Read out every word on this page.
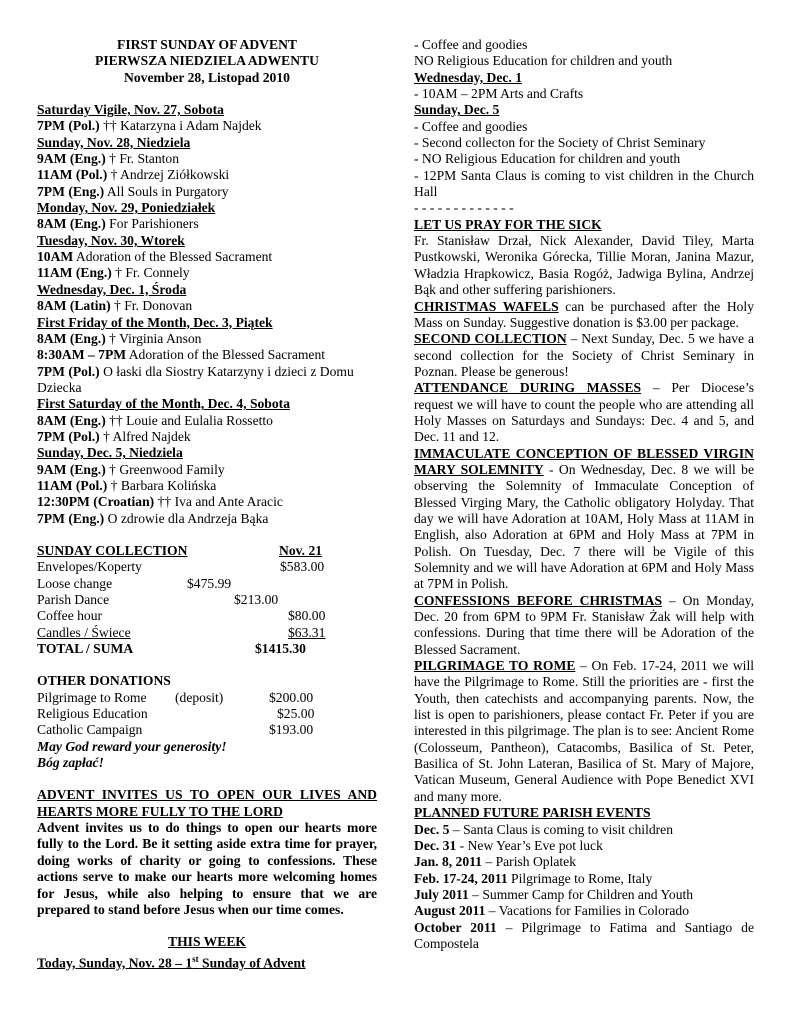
FIRST SUNDAY OF ADVENT
PIERWSZA NIEDZIELA ADWENTU
November 28, Listopad 2010
Saturday Vigile, Nov. 27, Sobota
7PM (Pol.) †† Katarzyna i Adam Najdek
Sunday, Nov. 28, Niedziela
9AM (Eng.) † Fr. Stanton
11AM (Pol.) † Andrzej Ziółkowski
7PM (Eng.) All Souls in Purgatory
Monday, Nov. 29, Poniedziałek
8AM (Eng.) For Parishioners
Tuesday, Nov. 30, Wtorek
10AM Adoration of the Blessed Sacrament
11AM (Eng.) † Fr. Connely
Wednesday, Dec. 1, Środa
8AM (Latin) † Fr. Donovan
First Friday of the Month, Dec. 3, Piątek
8AM (Eng.) † Virginia Anson
8:30AM – 7PM Adoration of the Blessed Sacrament
7PM (Pol.) O łaski dla Siostry Katarzyny i dzieci z Domu Dziecka
First Saturday of the Month, Dec. 4, Sobota
8AM (Eng.) †† Louie and Eulalia Rossetto
7PM (Pol.) † Alfred Najdek
Sunday, Dec. 5, Niedziela
9AM (Eng.) † Greenwood Family
11AM (Pol.) † Barbara Kolińska
12:30PM (Croatian) †† Iva and Ante Aracic
7PM (Eng.) O zdrowie dla Andrzeja Bąka
SUNDAY COLLECTION	Nov. 21
Envelopes/Koperty	$583.00
Loose change	$475.99
Parish Dance	$213.00
Coffee hour	$80.00
Candles / Świece	$63.31
TOTAL / SUMA	$1415.30
OTHER DONATIONS
Pilgrimage to Rome (deposit)	$200.00
Religious Education	$25.00
Catholic Campaign	$193.00
May God reward your generosity!
Bóg zapłać!
ADVENT INVITES US TO OPEN OUR LIVES AND HEARTS MORE FULLY TO THE LORD
Advent invites us to do things to open our hearts more fully to the Lord. Be it setting aside extra time for prayer, doing works of charity or going to confessions. These actions serve to make our hearts more welcoming homes for Jesus, while also helping to ensure that we are prepared to stand before Jesus when our time comes.
THIS WEEK
Today, Sunday, Nov. 28 – 1st Sunday of Advent
- Coffee and goodies
NO Religious Education for children and youth
Wednesday, Dec. 1
- 10AM – 2PM Arts and Crafts
Sunday, Dec. 5
- Coffee and goodies
- Second collecton for the Society of Christ Seminary
- NO Religious Education for children and youth
- 12PM Santa Claus is coming to vist children in the Church Hall
- - - - - - - - - - - - -
LET US PRAY FOR THE SICK
Fr. Stanisław Drzał, Nick Alexander, David Tiley, Marta Pustkowski, Weronika Górecka, Tillie Moran, Janina Mazur, Władzia Hrapkowicz, Basia Rogóż, Jadwiga Bylina, Andrzej Bąk and other suffering parishioners.
CHRISTMAS WAFELS can be purchased after the Holy Mass on Sunday. Suggestive donation is $3.00 per package.
SECOND COLLECTION – Next Sunday, Dec. 5 we have a second collection for the Society of Christ Seminary in Poznan. Please be generous!
ATTENDANCE DURING MASSES – Per Diocese’s request we will have to count the people who are attending all Holy Masses on Saturdays and Sundays: Dec. 4 and 5, and Dec. 11 and 12.
IMMACULATE CONCEPTION OF BLESSED VIRGIN MARY SOLEMNITY - On Wednesday, Dec. 8 we will be observing the Solemnity of Immaculate Conception of Blessed Virging Mary, the Catholic obligatory Holyday. That day we will have Adoration at 10AM, Holy Mass at 11AM in English, also Adoration at 6PM and Holy Mass at 7PM in Polish. On Tuesday, Dec. 7 there will be Vigile of this Solemnity and we will have Adoration at 6PM and Holy Mass at 7PM in Polish.
CONFESSIONS BEFORE CHRISTMAS – On Monday, Dec. 20 from 6PM to 9PM Fr. Stanisław Żak will help with confessions. During that time there will be Adoration of the Blessed Sacrament.
PILGRIMAGE TO ROME – On Feb. 17-24, 2011 we will have the Pilgrimage to Rome. Still the priorities are - first the Youth, then catechists and accompanying parents. Now, the list is open to parishioners, please contact Fr. Peter if you are interested in this pilgrimage. The plan is to see: Ancient Rome (Colosseum, Pantheon), Catacombs, Basilica of St. Peter, Basilica of St. John Lateran, Basilica of St. Mary of Majore, Vatican Museum, General Audience with Pope Benedict XVI and many more.
PLANNED FUTURE PARISH EVENTS
Dec. 5 – Santa Claus is coming to visit children
Dec. 31 - New Year’s Eve pot luck
Jan. 8, 2011 – Parish Oplatek
Feb. 17-24, 2011 Pilgrimage to Rome, Italy
July 2011 – Summer Camp for Children and Youth
August 2011 – Vacations for Families in Colorado
October 2011 – Pilgrimage to Fatima and Santiago de Compostela
